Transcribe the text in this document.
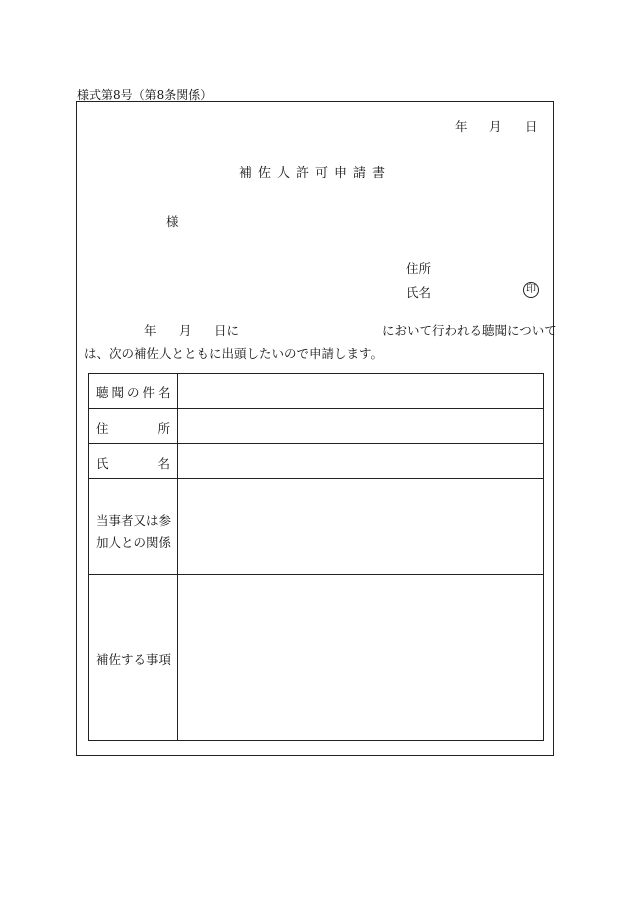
様式第8号（第8条関係）
年 月 日
補佐人許可申請書
様
住所
氏名	印
年 月 日に	において行われる聴聞について
は、次の補佐人とともに出頭したいので申請します。
聴聞の件名
住	所
氏	名
当事者又は参
加人との関係
補佐する事項
